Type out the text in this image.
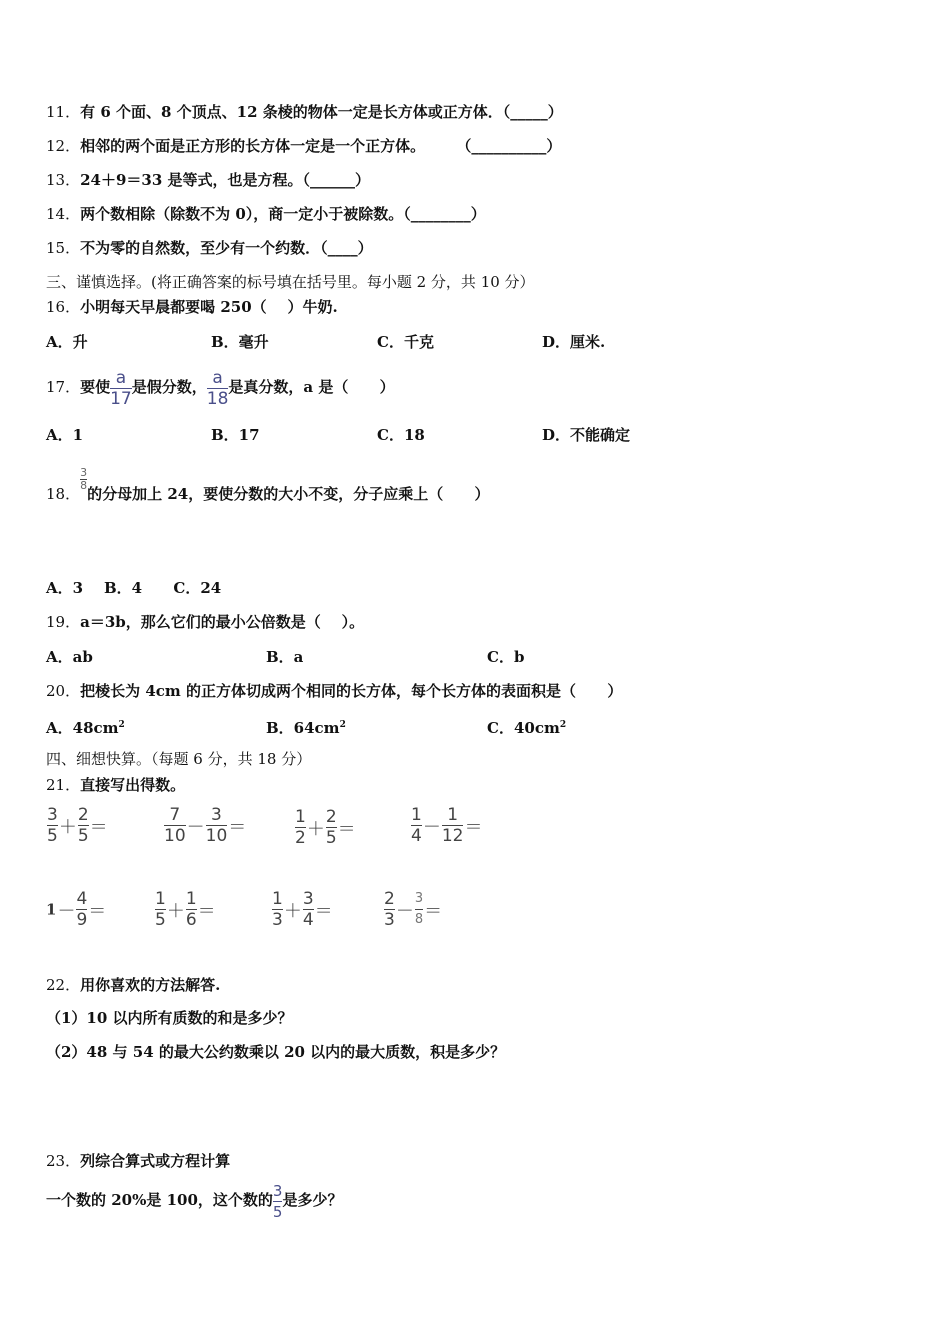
11．有 6 个面、8 个顶点、12 条棱的物体一定是长方体或正方体．（_____）
12．相邻的两个面是正方形的长方体一定是一个正方体。      （__________）
13．24＋9＝33 是等式，也是方程。（______）
14．两个数相除（除数不为 0），商一定小于被除数。（________）
15．不为零的自然数，至少有一个约数．（____）
三、谨慎选择。(将正确答案的标号填在括号里。每小题 2 分，共 10 分）
16．小明每天早晨都要喝 250（    ）牛奶.
A．升	B．毫升	C．千克	D．厘米.
17．要使 $\frac{a}{17}$ 是假分数， $\frac{a}{18}$ 是真分数，a 是（      ）
A．1	B．17	C．18	D．不能确定
18．
$\frac{3}{8}$
的分母加上 24，要使分数的大小不变，分子应乘上（      ）
A．3    B．4      C．24
19．a＝3b，那么它们的最小公倍数是（    ）。
A．ab	B．a	C．b
20．把棱长为 4cm 的正方体切成两个相同的长方体，每个长方体的表面积是（      ）
A．$48cm^2$	B．$64cm^2$	C．$40cm^2$
四、细想快算。（每题 6 分，共 18 分）
21．直接写出得数。
$\frac{3}{5} + \frac{2}{5}$ ＝	$\frac{7}{10} - \frac{3}{10}$ ＝	$\frac{1}{2} + \frac{2}{5}$ ＝	$\frac{1}{4} - \frac{1}{12}$ ＝
$1- \frac{4}{9}$ ＝	$\frac{1}{5} + \frac{1}{6}$ ＝	$\frac{1}{3} + \frac{3}{4}$ ＝	$\frac{2}{3} - \frac{3}{8}$ ＝
22．用你喜欢的方法解答.
（1）10 以内所有质数的和是多少？
（2）48 与 54 的最大公约数乘以 20 以内的最大质数，积是多少？
23．列综合算式或方程计算
一个数的 20%是 100，这个数的 $\frac{3}{5}$ 是多少？
